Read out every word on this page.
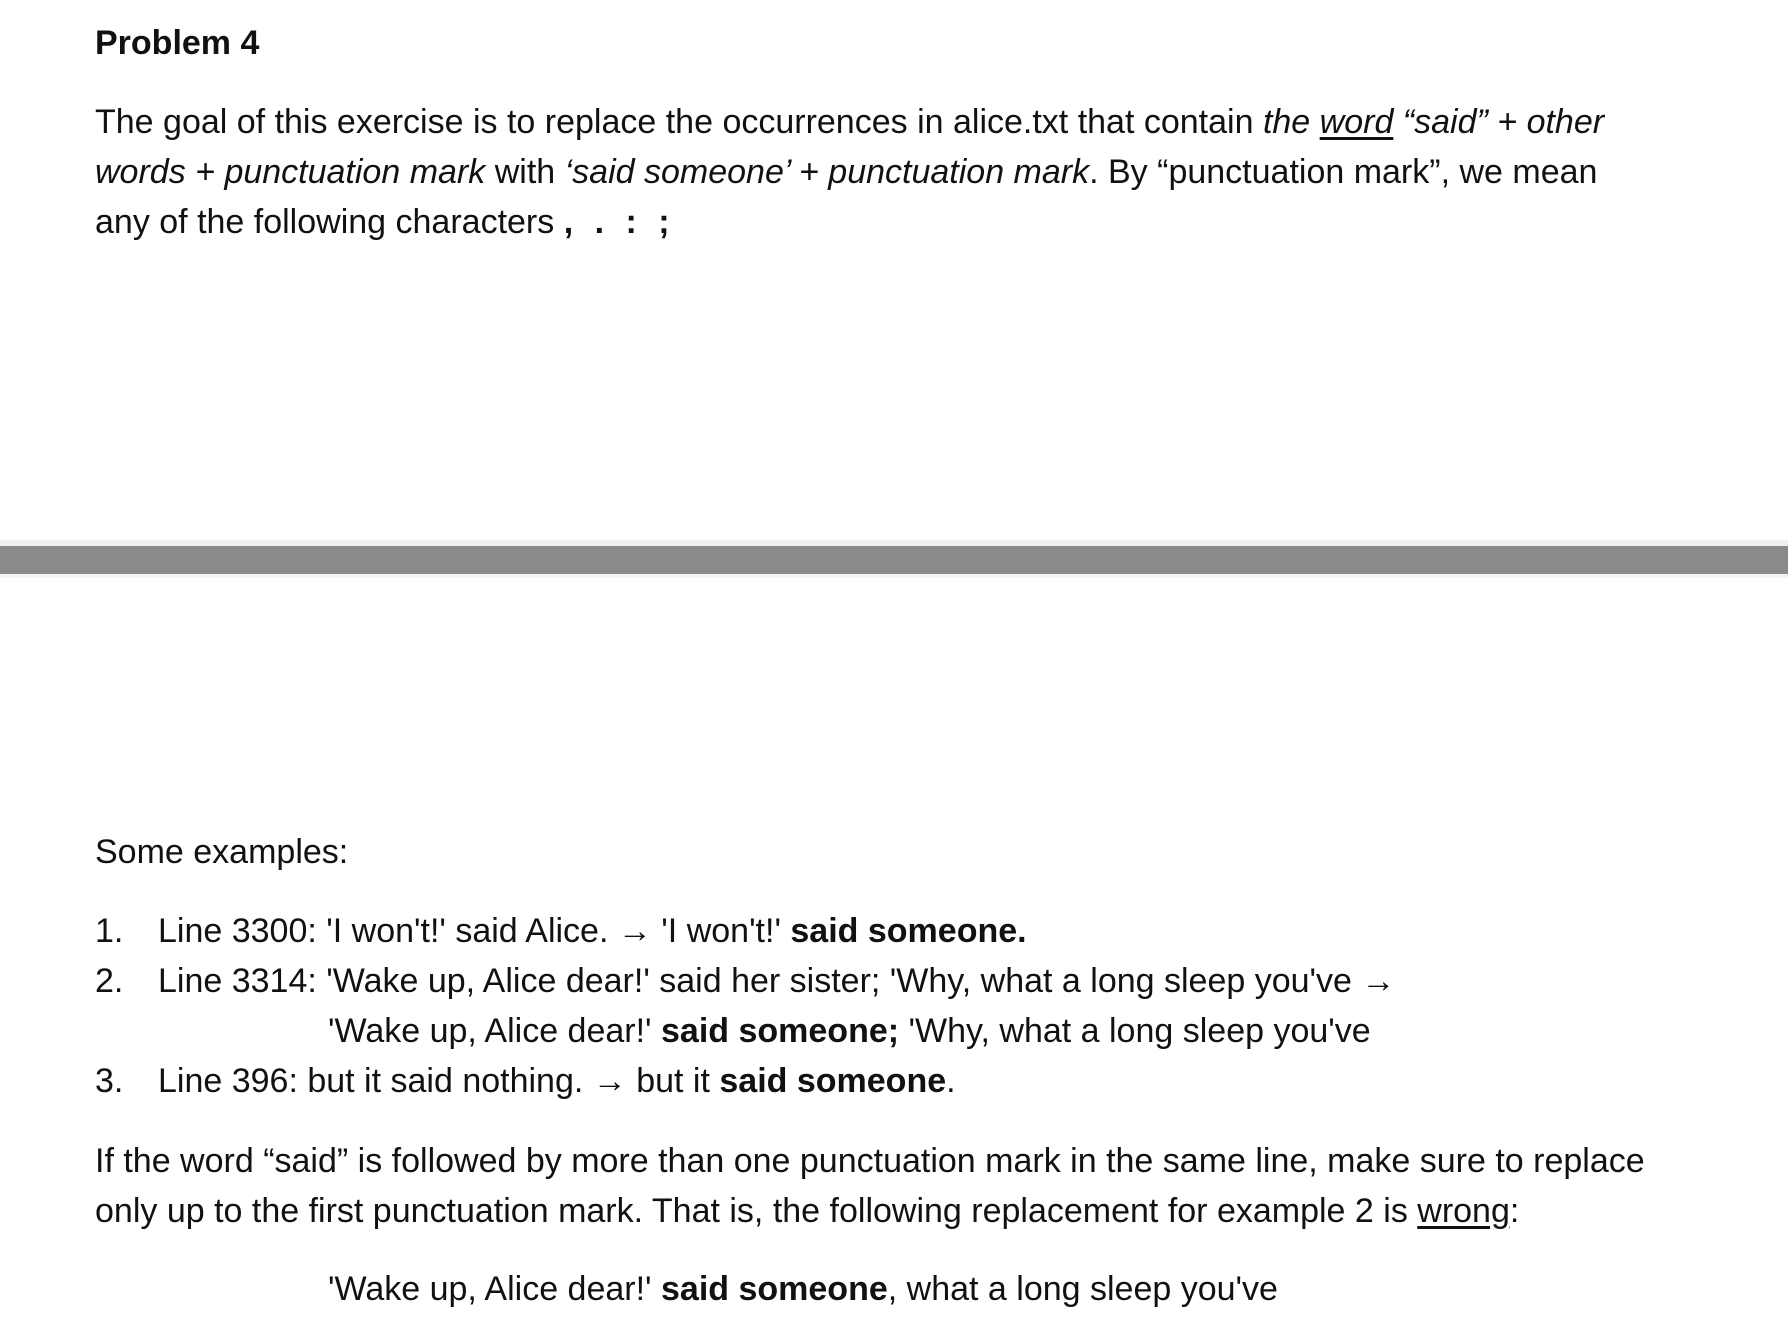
Problem 4
The goal of this exercise is to replace the occurrences in alice.txt that contain the word “said” + other
words + punctuation mark with ‘said someone’ + punctuation mark. By “punctuation mark”, we mean
any of the following characters , . : ;
Some examples:
1. Line 3300: 'I won't!' said Alice. → 'I won't!' said someone.
2. Line 3314: 'Wake up, Alice dear!' said her sister; 'Why, what a long sleep you've →
'Wake up, Alice dear!' said someone; 'Why, what a long sleep you've
3. Line 396: but it said nothing. → but it said someone.
If the word “said” is followed by more than one punctuation mark in the same line, make sure to replace
only up to the first punctuation mark. That is, the following replacement for example 2 is wrong:
'Wake up, Alice dear!' said someone, what a long sleep you've
